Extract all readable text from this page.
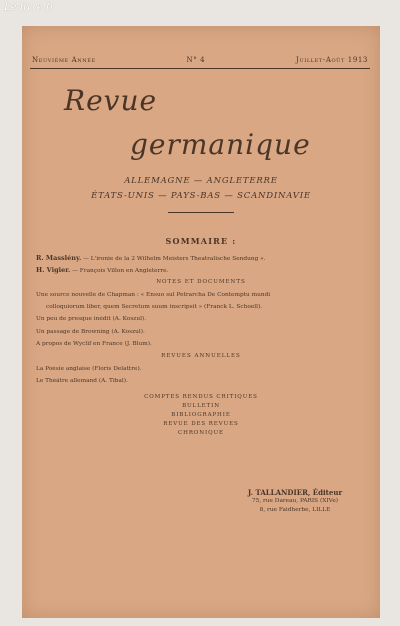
Le-livre.fr
Neuvième Année	N° 4	Juillet-Août 1913
Revue
germanique
ALLEMAGNE — ANGLETERRE
ÉTATS-UNIS — PAYS-BAS — SCANDINAVIE
SOMMAIRE :
R. Masslény. — L'ironie de la 2 Wilhelm Meisters Theatralische Sendung ».
H. Vigier. — François Villon en Angleterre.
NOTES ET DOCUMENTS
Une source nouvelle de Chapman : « Ensuo sul Petrarcha De Contemptu mundi
colloquiorum liber, quem Secretum suum inscripsit » (Franck L. Schoell).
Un peu de presque inédit (A. Koszul).
Un passage de Browning (A. Koszul).
A propos de Wyclif en France (J. Blum).
REVUES ANNUELLES
La Poésie anglaise (Floris Delattre).
Le Théâtre allemand (A. Tibal).
COMPTES RENDUS CRITIQUES
BULLETIN
BIBLIOGRAPHIE
REVUE DES REVUES
CHRONIQUE
J. TALLANDIER, Éditeur
75, rue Dareau, PARIS (XIVe)
8, rue Faidherbe, LILLE
